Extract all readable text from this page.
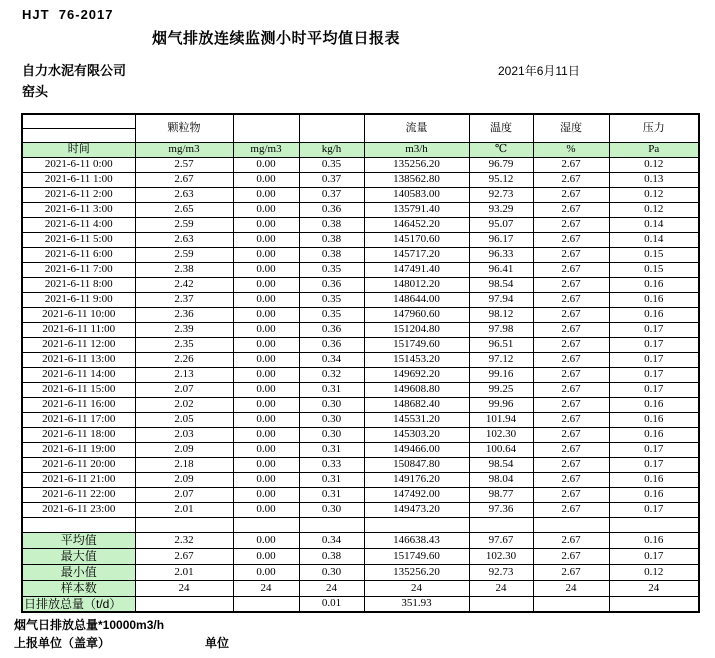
HJT  76-2017
烟气排放连续监测小时平均值日报表
自力水泥有限公司	2021年6月11日
窑头
	颗粒物			流量	温度	湿度	压力

时间	mg/m3	mg/m3	kg/h	m3/h	℃	%	Pa
2021-6-11 0:00	2.57	0.00	0.35	135256.20	96.79	2.67	0.12
2021-6-11 1:00	2.67	0.00	0.37	138562.80	95.12	2.67	0.13
2021-6-11 2:00	2.63	0.00	0.37	140583.00	92.73	2.67	0.12
2021-6-11 3:00	2.65	0.00	0.36	135791.40	93.29	2.67	0.12
2021-6-11 4:00	2.59	0.00	0.38	146452.20	95.07	2.67	0.14
2021-6-11 5:00	2.63	0.00	0.38	145170.60	96.17	2.67	0.14
2021-6-11 6:00	2.59	0.00	0.38	145717.20	96.33	2.67	0.15
2021-6-11 7:00	2.38	0.00	0.35	147491.40	96.41	2.67	0.15
2021-6-11 8:00	2.42	0.00	0.36	148012.20	98.54	2.67	0.16
2021-6-11 9:00	2.37	0.00	0.35	148644.00	97.94	2.67	0.16
2021-6-11 10:00	2.36	0.00	0.35	147960.60	98.12	2.67	0.16
2021-6-11 11:00	2.39	0.00	0.36	151204.80	97.98	2.67	0.17
2021-6-11 12:00	2.35	0.00	0.36	151749.60	96.51	2.67	0.17
2021-6-11 13:00	2.26	0.00	0.34	151453.20	97.12	2.67	0.17
2021-6-11 14:00	2.13	0.00	0.32	149692.20	99.16	2.67	0.17
2021-6-11 15:00	2.07	0.00	0.31	149608.80	99.25	2.67	0.17
2021-6-11 16:00	2.02	0.00	0.30	148682.40	99.96	2.67	0.16
2021-6-11 17:00	2.05	0.00	0.30	145531.20	101.94	2.67	0.16
2021-6-11 18:00	2.03	0.00	0.30	145303.20	102.30	2.67	0.16
2021-6-11 19:00	2.09	0.00	0.31	149466.00	100.64	2.67	0.17
2021-6-11 20:00	2.18	0.00	0.33	150847.80	98.54	2.67	0.17
2021-6-11 21:00	2.09	0.00	0.31	149176.20	98.04	2.67	0.16
2021-6-11 22:00	2.07	0.00	0.31	147492.00	98.77	2.67	0.16
2021-6-11 23:00	2.01	0.00	0.30	149473.20	97.36	2.67	0.17

平均值	2.32	0.00	0.34	146638.43	97.67	2.67	0.16
最大值	2.67	0.00	0.38	151749.60	102.30	2.67	0.17
最小值	2.01	0.00	0.30	135256.20	92.73	2.67	0.12
样本数	24	24	24	24	24	24	24
日排放总量（t/d）			0.01	351.93			
烟气日排放总量*10000m3/h
上报单位（盖章）	单位
